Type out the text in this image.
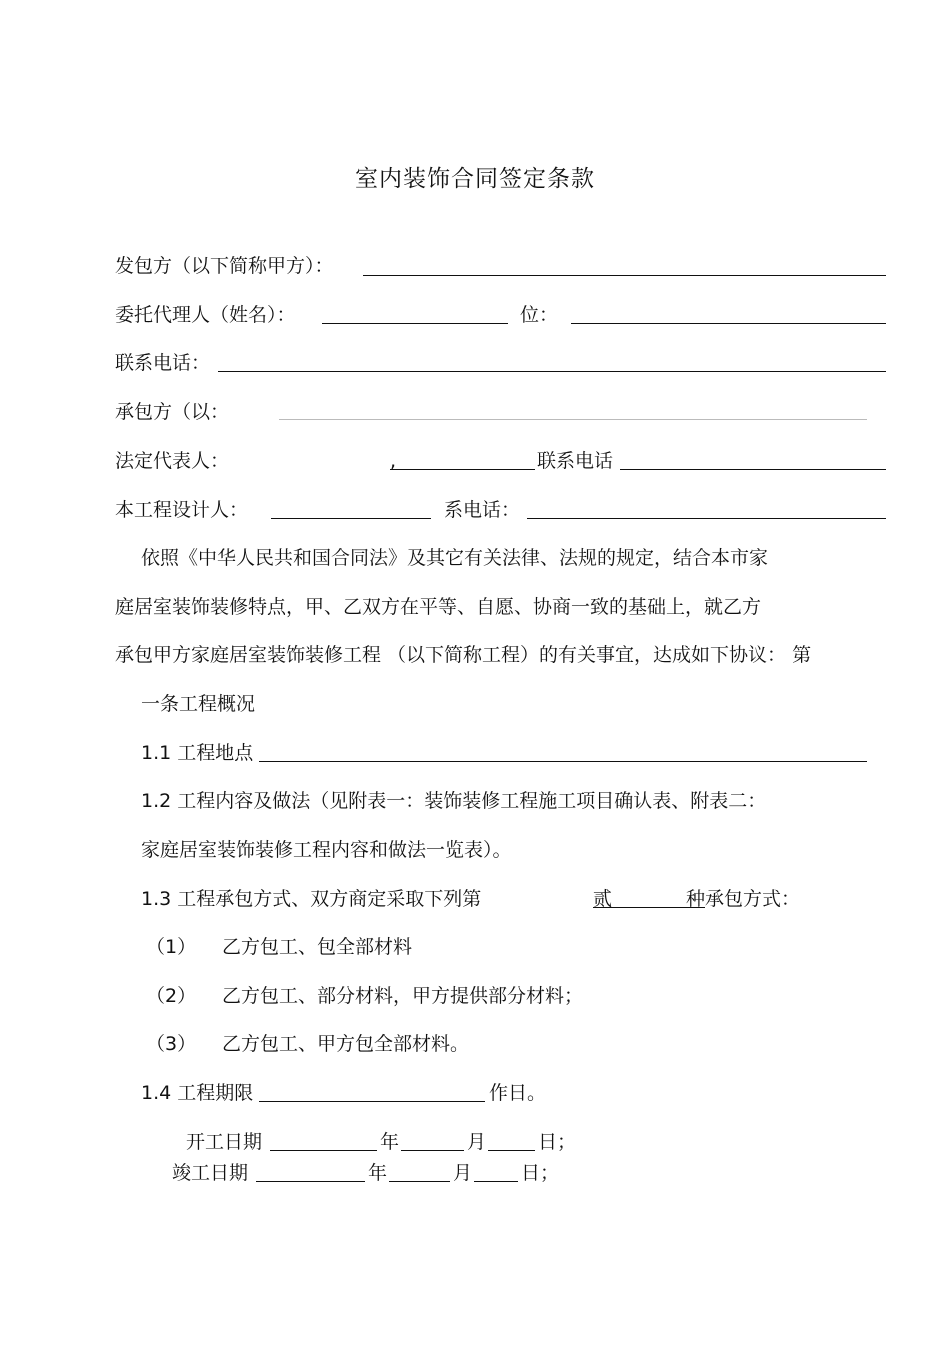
室内装饰合同签定条款
发包方（以下简称甲方）：
委托代理人（姓名）：	位：
联系电话：
承包方（以：
法定代表人：	,	联系电话
本工程设计人：	系电话：
依照《中华人民共和国合同法》及其它有关法律、法规的规定，结合本市家
庭居室装饰装修特点，甲、乙双方在平等、自愿、协商一致的基础上，就乙方
承包甲方家庭居室装饰装修工程 （以下简称工程）的有关事宜，达成如下协议： 第
一条工程概况
1.1 工程地点
1.2 工程内容及做法（见附表一：装饰装修工程施工项目确认表、附表二：
家庭居室装饰装修工程内容和做法一览表）。
1.3 工程承包方式、双方商定采取下列第	贰	种承包方式：
（1） 乙方包工、包全部材料
（2） 乙方包工、部分材料，甲方提供部分材料；
（3） 乙方包工、甲方包全部材料。
1.4 工程期限	作日。
开工日期	年	月	日；
竣工日期	年	月	日；
